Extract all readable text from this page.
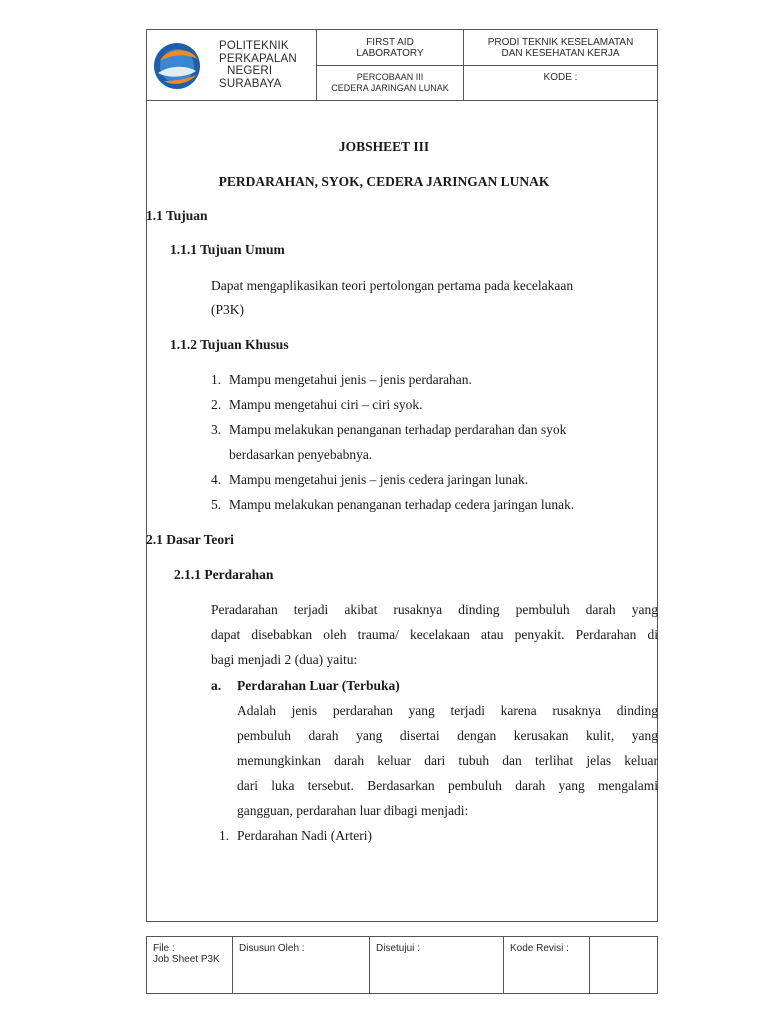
POLITEKNIK
PERKAPALAN
NEGERI
SURABAYA
FIRST AID
LABORATORY
PRODI TEKNIK KESELAMATAN
DAN KESEHATAN KERJA
PERCOBAAN III
CEDERA JARINGAN LUNAK
KODE :
JOBSHEET III
PERDARAHAN, SYOK, CEDERA JARINGAN LUNAK
1.1 Tujuan
1.1.1 Tujuan Umum
Dapat mengaplikasikan teori pertolongan pertama pada kecelakaan
(P3K)
1.1.2 Tujuan Khusus
1. Mampu mengetahui jenis – jenis perdarahan.
2. Mampu mengetahui ciri – ciri syok.
3. Mampu melakukan penanganan terhadap perdarahan dan syok
berdasarkan penyebabnya.
4. Mampu mengetahui jenis – jenis cedera jaringan lunak.
5. Mampu melakukan penanganan terhadap cedera jaringan lunak.
2.1 Dasar Teori
2.1.1 Perdarahan
Peradarahan terjadi akibat rusaknya dinding pembuluh darah yang
dapat disebabkan oleh trauma/ kecelakaan atau penyakit. Perdarahan di
bagi menjadi 2 (dua) yaitu:
a. Perdarahan Luar (Terbuka)
Adalah jenis perdarahan yang terjadi karena rusaknya dinding
pembuluh darah yang disertai dengan kerusakan kulit, yang
memungkinkan darah keluar dari tubuh dan terlihat jelas keluar
dari luka tersebut. Berdasarkan pembuluh darah yang mengalami
gangguan, perdarahan luar dibagi menjadi:
1. Perdarahan Nadi (Arteri)
File :
Job Sheet P3K
Disusun Oleh :	Disetujui :	Kode Revisi :
